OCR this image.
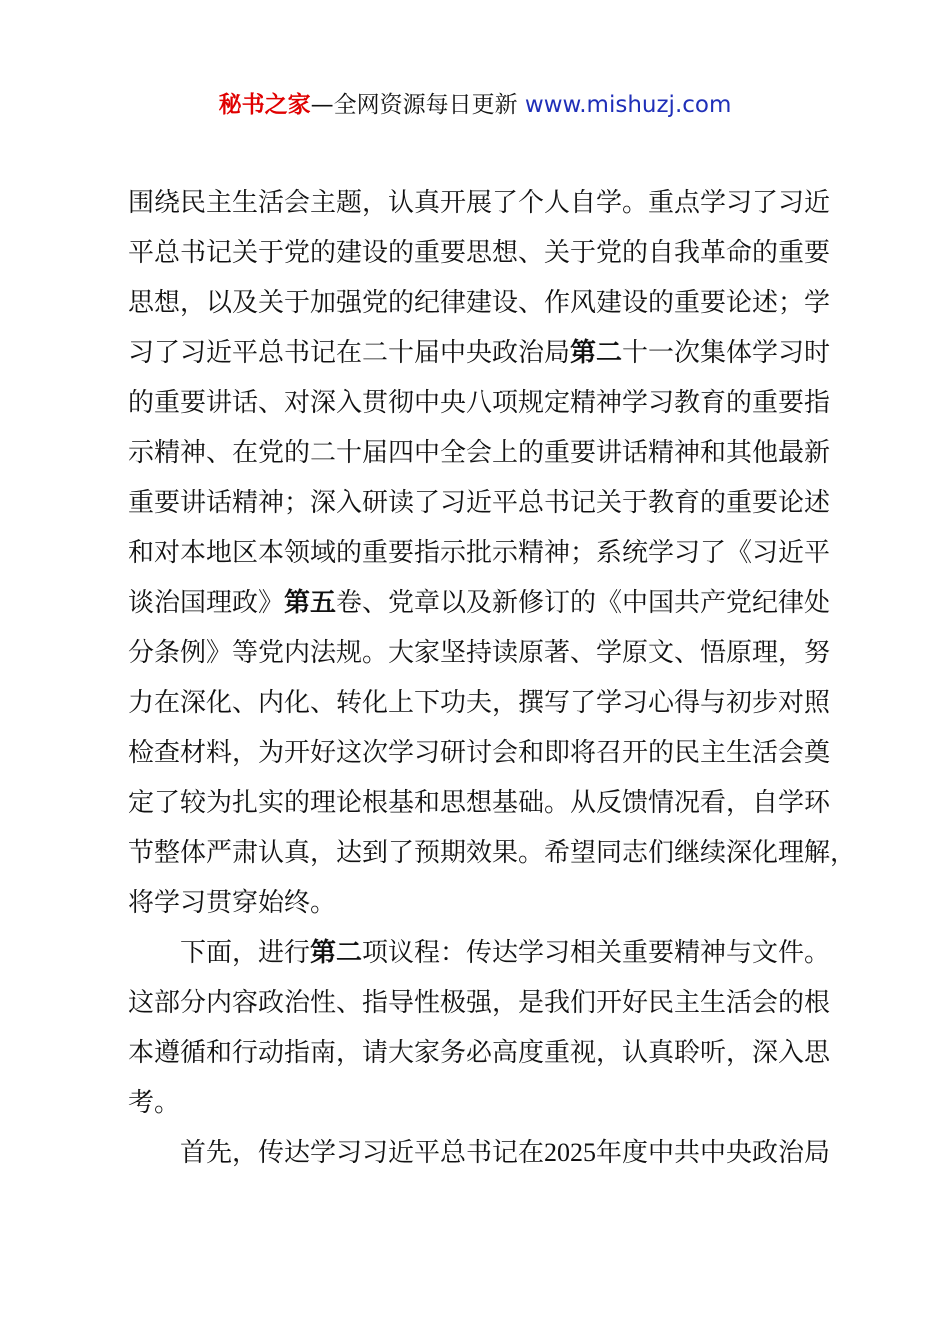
秘书之家—全网资源每日更新 www.mishuzj.com
围绕民主生活会主题，认真开展了个人自学。重点学习了习近
平总书记关于党的建设的重要思想、关于党的自我革命的重要
思想，以及关于加强党的纪律建设、作风建设的重要论述；学
习了习近平总书记在二十届中央政治局第二十一次集体学习时
的重要讲话、对深入贯彻中央八项规定精神学习教育的重要指
示精神、在党的二十届四中全会上的重要讲话精神和其他最新
重要讲话精神；深入研读了习近平总书记关于教育的重要论述
和对本地区本领域的重要指示批示精神；系统学习了《习近平
谈治国理政》第五卷、党章以及新修订的《中国共产党纪律处
分条例》等党内法规。大家坚持读原著、学原文、悟原理，努
力在深化、内化、转化上下功夫，撰写了学习心得与初步对照
检查材料，为开好这次学习研讨会和即将召开的民主生活会奠
定了较为扎实的理论根基和思想基础。从反馈情况看，自学环
节整体严肃认真，达到了预期效果。希望同志们继续深化理解，
将学习贯穿始终。
下面，进行第二项议程：传达学习相关重要精神与文件。
这部分内容政治性、指导性极强，是我们开好民主生活会的根
本遵循和行动指南，请大家务必高度重视，认真聆听，深入思
考。
首先，传达学习习近平总书记在2025年度中共中央政治局
